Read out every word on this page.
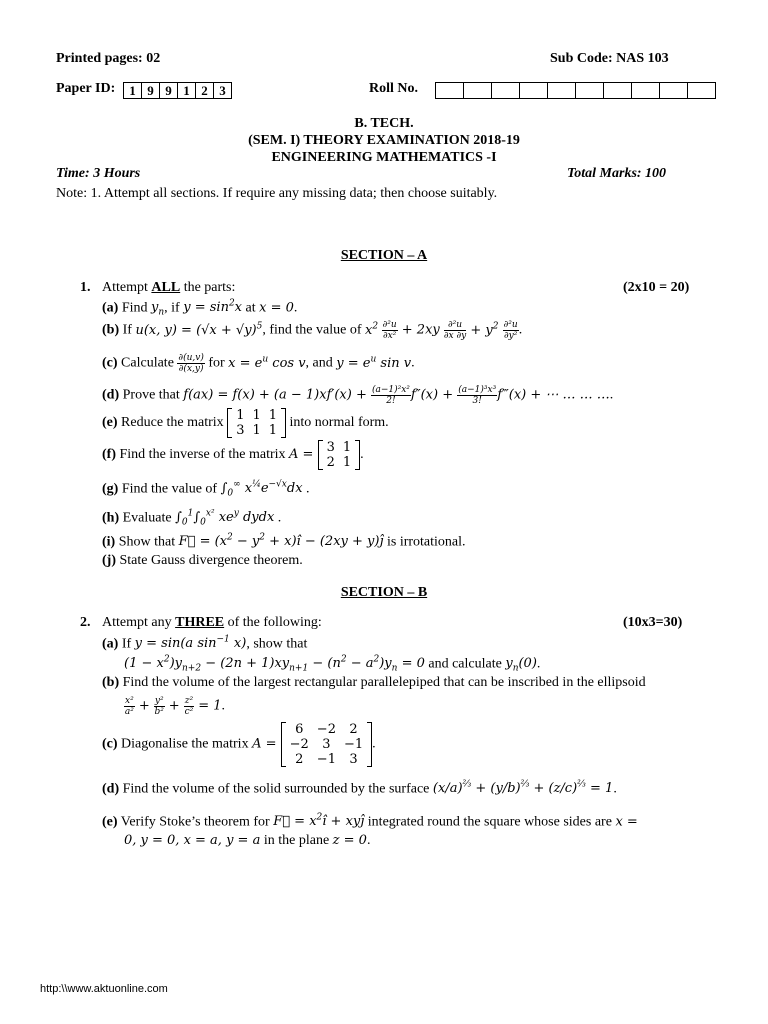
Printed pages: 02	Sub Code: NAS 103
Paper ID:	1 9 9 1 2 3	Roll No.
B. TECH.
(SEM. I) THEORY EXAMINATION 2018-19
ENGINEERING MATHEMATICS -I
Time: 3 Hours	Total Marks: 100
Note: 1. Attempt all sections. If require any missing data; then choose suitably.
SECTION – A
1. Attempt ALL the parts:	(2x10 = 20)
(a) Find $y_n$, if $y = \sin^2x$ at x = 0.
(b) If u(x, $y) = (√x + √y)^5$, find the value of $x^2 \frac{\text{∂²u}}{\text{∂x²}} + 2xy \frac{\text{∂²u}}{\partial x \partial y} + y^2 \frac{\text{∂²u}}{\text{∂y²}}$ .
(c) Calculate $\frac{\partial(u,v)}{\partial(x,y)}$ for $x = e^u$ cos v, and $y = e^u$ sin v.
(d) Prove that $f(ax) = f(x) + (a - 1)xf'(x) + \frac{\text{(a−1)²x²}}{2!} f''(x) + \frac{\text{(a−1)³x³}}{3!}$ f‴(x) + ⋯ … … ….
(e) Reduce the matrix 1	1	1
3	1	1
into normal form.
(f) Find the inverse of the matrix A = 3	1
2	1
.
(g) Find the value of $\int_0^\infty$ $x^{\frac{1}{4}}e^{-√x}dx$ .
(h) Evaluate $\int_0^1\int_0^{x^2}$ $xe^y$ dydx .
(i) Show that F⃗ = ($x^2 - y^2$ + x)î − (2xy + y)ĵ is irrotational.
(j) State Gauss divergence theorem.
SECTION – B
2. Attempt any THREE of the following:	(10x3=30)
(a) If y = sin(a $\sin^{-1} x$), show that
$(1 - x^2)y_{n+2} - (2n + 1)xy_{n+1} - (n^2 - a^2)y_n = 0$ and calculate $y_n(0)$.
(b) Find the volume of the largest rectangular parallelepiped that can be inscribed in the ellipsoid
$\frac{\text{x²}}{\text{a²}} + \frac{\text{y²}}{\text{b²}} + \frac{\text{z²}}{\text{c²}} = 1$.
(c) Diagonalise the matrix A =
6	−2	2
−2	3	−1
2	−1	3
.
(d) Find the volume of the solid surrounded by the surface $(x/a)^{\frac{2}{3}} + (y/b)^{\frac{2}{3}} + (z/c)^{\frac{2}{3}} = 1$.
(e) Verify Stoke’s theorem for F⃗ = $x^2î$ + xyĵ integrated round the square whose sides are x =
0, y = 0, x = a, y = a in the plane z = 0.
http:\\www.aktuonline.com
